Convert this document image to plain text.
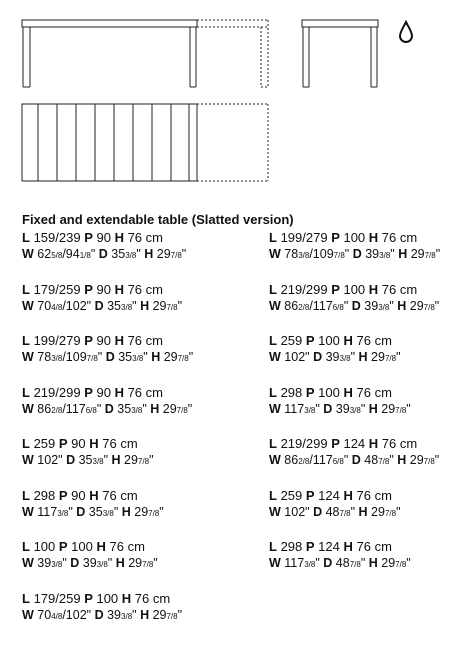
Fixed and extendable table (Slatted version)
L 159/239 P 90 H 76 cm
W 625/8/941/8" D 353/8" H 297/8"
L 179/259 P 90 H 76 cm
W 704/8/102" D 353/8" H 297/8"
L 199/279 P 90 H 76 cm
W 783/8/1097/8" D 353/8" H 297/8"
L 219/299 P 90 H 76 cm
W 862/8/1176/8" D 353/8" H 297/8"
L 259 P 90 H 76 cm
W 102" D 353/8" H 297/8"
L 298 P 90 H 76 cm
W 1173/8" D 353/8" H 297/8"
L 100 P 100 H 76 cm
W 393/8" D 393/8" H 297/8"
L 179/259 P 100 H 76 cm
W 704/8/102" D 393/8" H 297/8"
L 199/279 P 100 H 76 cm
W 783/8/1097/8" D 393/8" H 297/8"
L 219/299 P 100 H 76 cm
W 862/8/1176/8" D 393/8" H 297/8"
L 259 P 100 H 76 cm
W 102" D 393/8" H 297/8"
L 298 P 100 H 76 cm
W 1173/8" D 393/8" H 297/8"
L 219/299 P 124 H 76 cm
W 862/8/1176/8" D 487/8" H 297/8"
L 259 P 124 H 76 cm
W 102" D 487/8" H 297/8"
L 298 P 124 H 76 cm
W 1173/8" D 487/8" H 297/8"
